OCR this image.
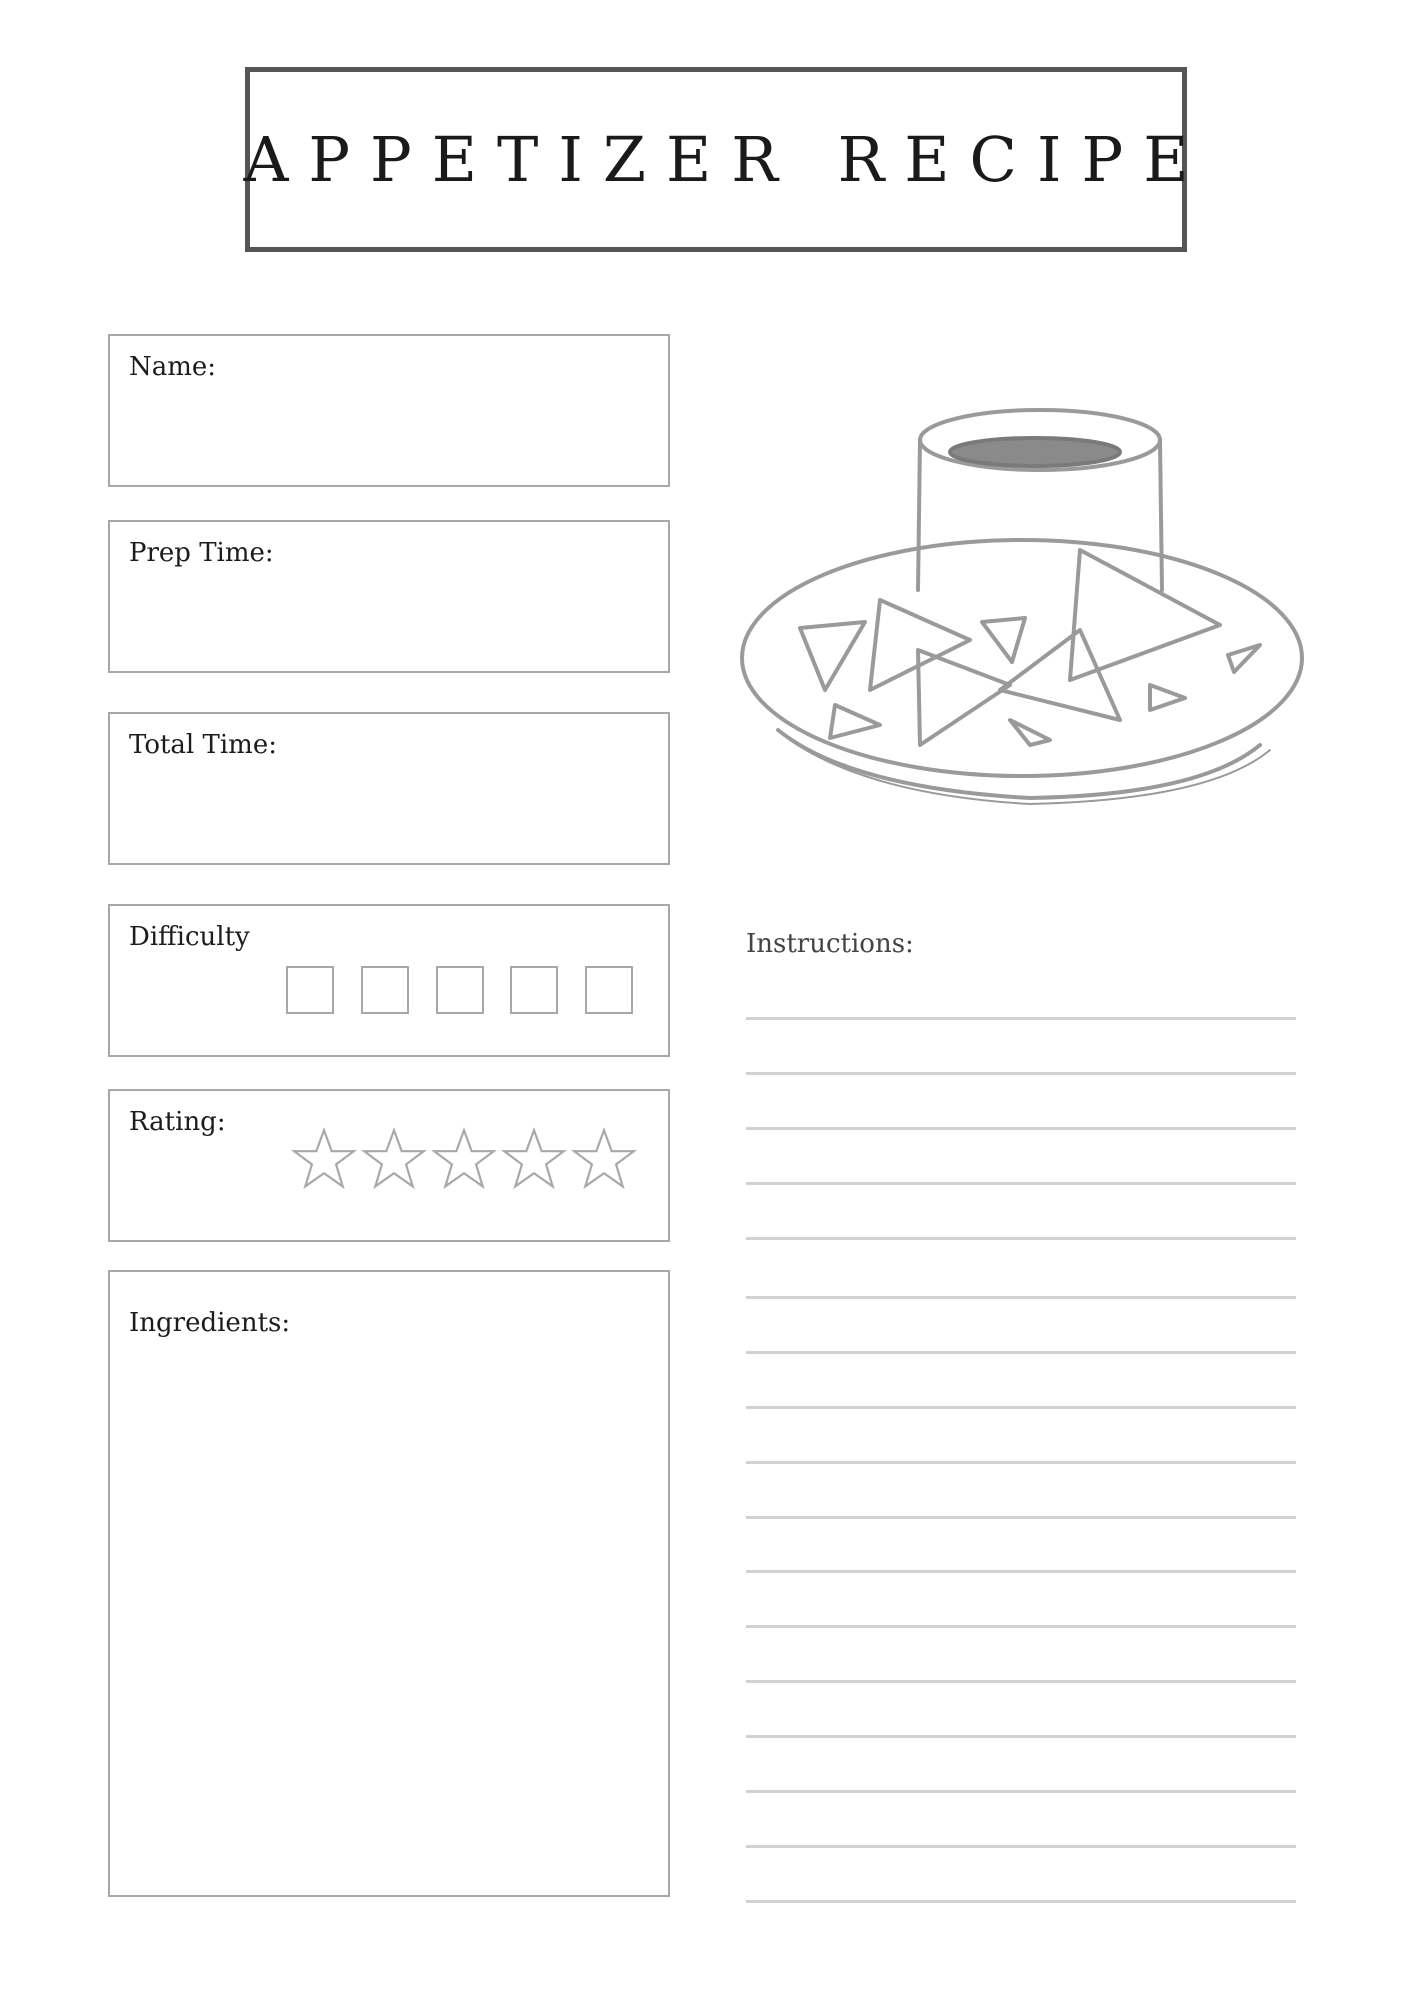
APPETIZER RECIPE
Name:
Prep Time:
Total Time:
Difficulty
Rating:
Ingredients:
Instructions:
